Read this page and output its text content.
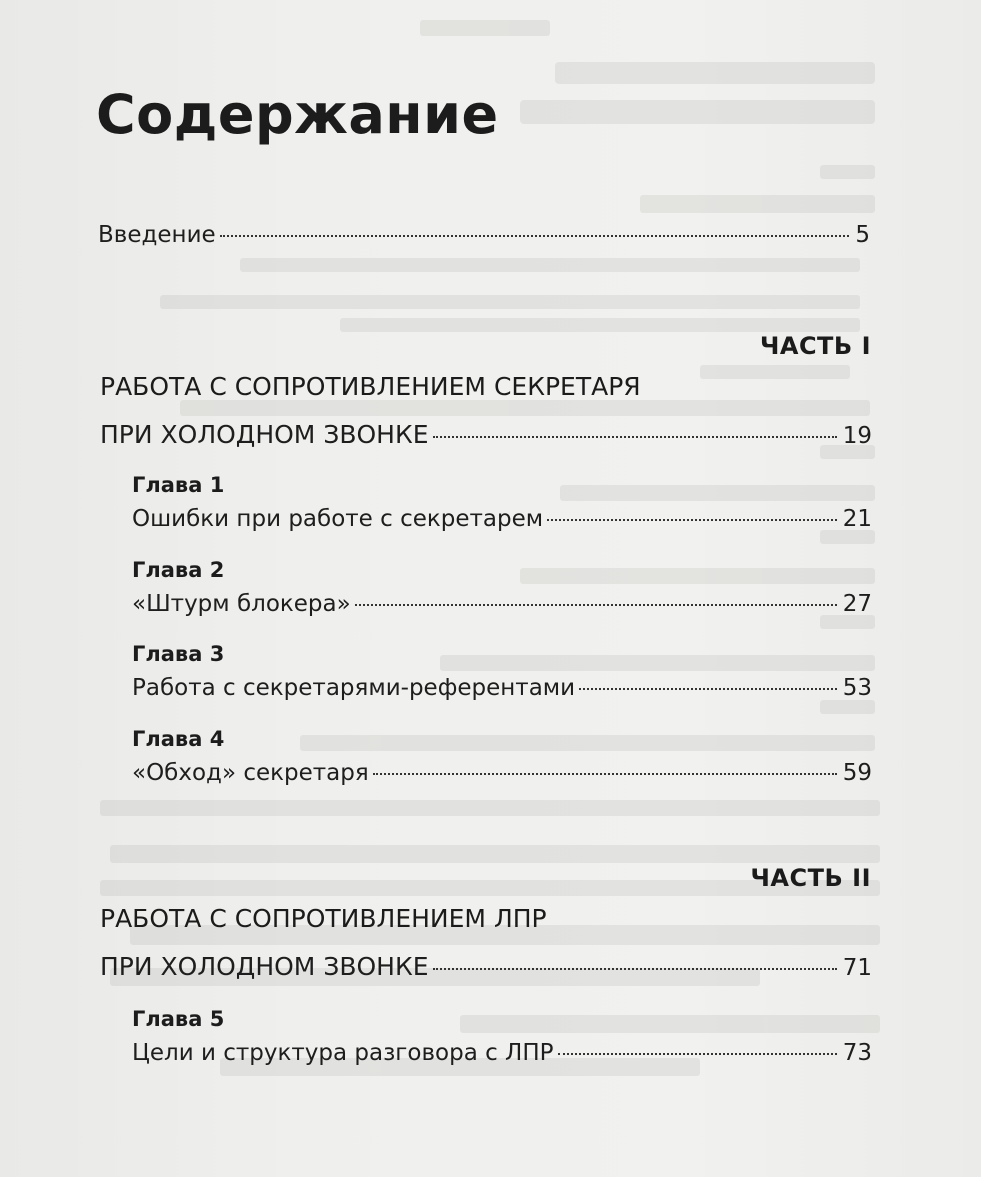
Содержание
Введение	5
ЧАСТЬ I
РАБОТА С СОПРОТИВЛЕНИЕМ СЕКРЕТАРЯ
ПРИ ХОЛОДНОМ ЗВОНКЕ	19
Глава 1
Ошибки при работе с секретарем	21
Глава 2
«Штурм блокера»	27
Глава 3
Работа с секретарями-референтами	53
Глава 4
«Обход» секретаря	59
ЧАСТЬ II
РАБОТА С СОПРОТИВЛЕНИЕМ ЛПР
ПРИ ХОЛОДНОМ ЗВОНКЕ	71
Глава 5
Цели и структура разговора с ЛПР	73
